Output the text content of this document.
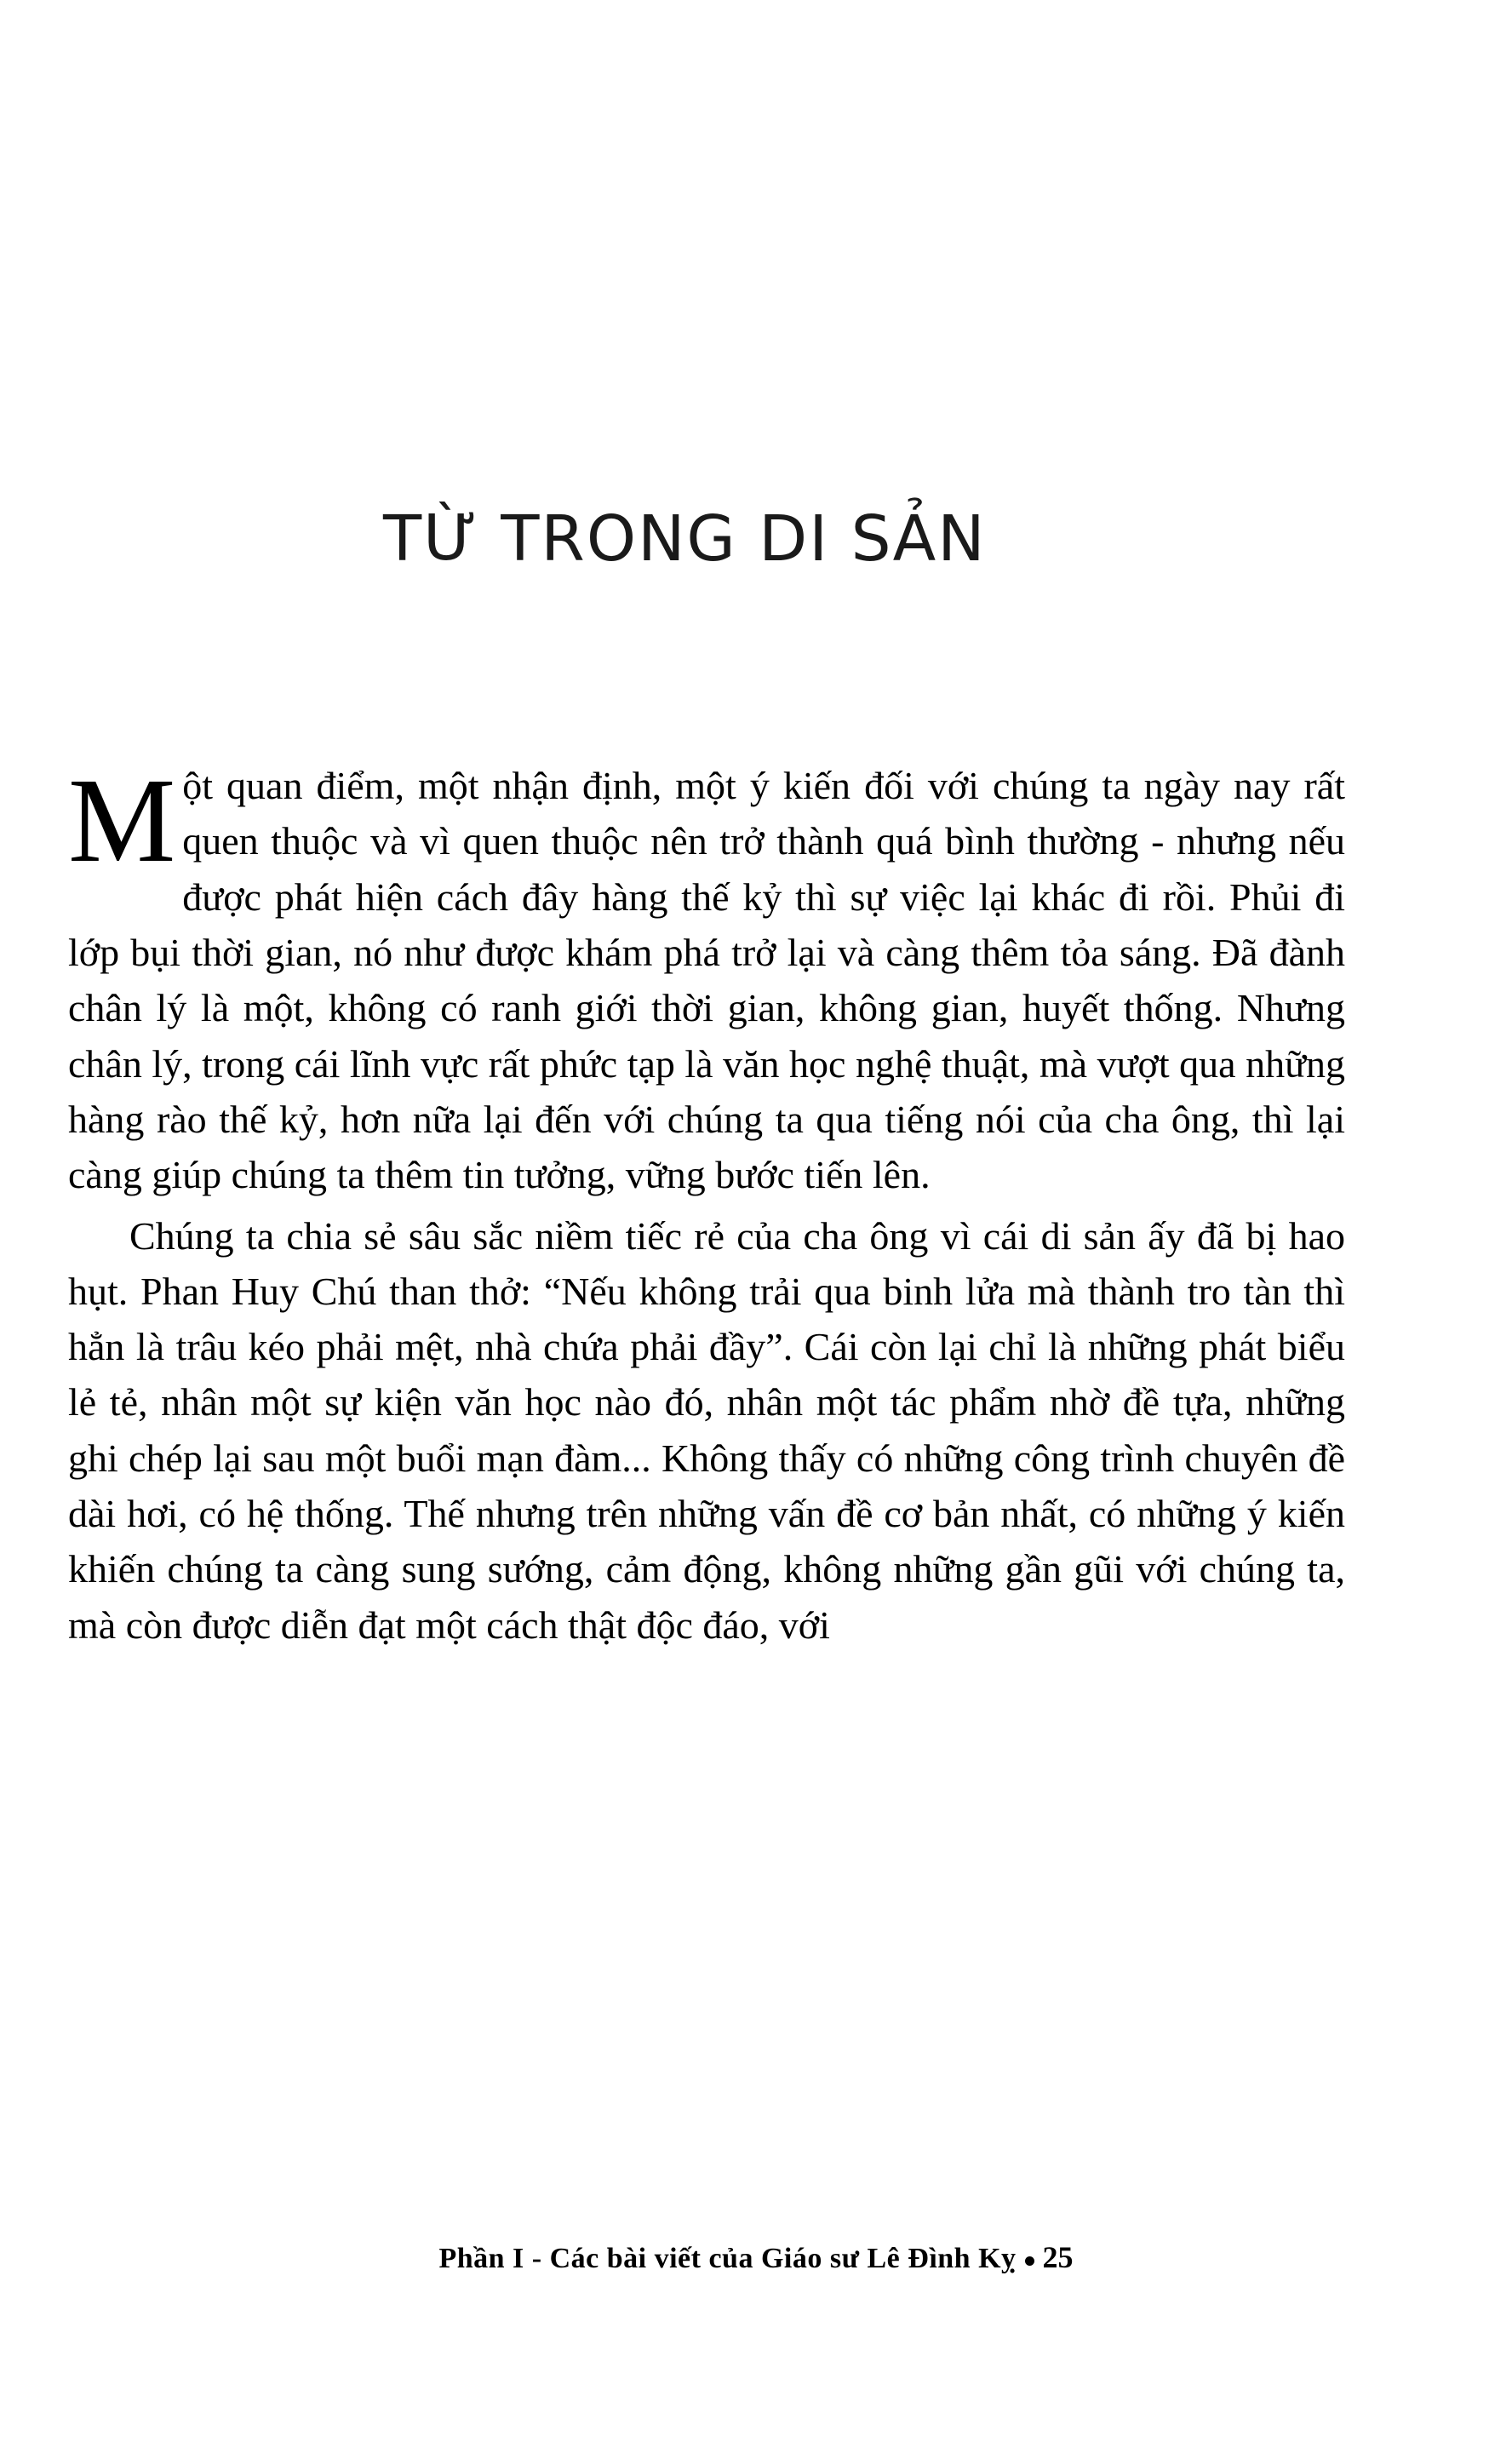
TỪ TRONG DI SẢN

Một quan điểm, một nhận định, một ý kiến đối với chúng ta ngày nay rất quen thuộc và vì quen thuộc nên trở thành quá bình thường - nhưng nếu được phát hiện cách đây hàng thế kỷ thì sự việc lại khác đi rồi. Phủi đi lớp bụi thời gian, nó như được khám phá trở lại và càng thêm tỏa sáng. Đã đành chân lý là một, không có ranh giới thời gian, không gian, huyết thống. Nhưng chân lý, trong cái lĩnh vực rất phức tạp là văn học nghệ thuật, mà vượt qua những hàng rào thế kỷ, hơn nữa lại đến với chúng ta qua tiếng nói của cha ông, thì lại càng giúp chúng ta thêm tin tưởng, vững bước tiến lên.

Chúng ta chia sẻ sâu sắc niềm tiếc rẻ của cha ông vì cái di sản ấy đã bị hao hụt. Phan Huy Chú than thở: “Nếu không trải qua binh lửa mà thành tro tàn thì hẳn là trâu kéo phải mệt, nhà chứa phải đầy”. Cái còn lại chỉ là những phát biểu lẻ tẻ, nhân một sự kiện văn học nào đó, nhân một tác phẩm nhờ đề tựa, những ghi chép lại sau một buổi mạn đàm... Không thấy có những công trình chuyên đề dài hơi, có hệ thống. Thế nhưng trên những vấn đề cơ bản nhất, có những ý kiến khiến chúng ta càng sung sướng, cảm động, không những gần gũi với chúng ta, mà còn được diễn đạt một cách thật độc đáo, với

Phần I - Các bài viết của Giáo sư Lê Đình Kỵ 25
